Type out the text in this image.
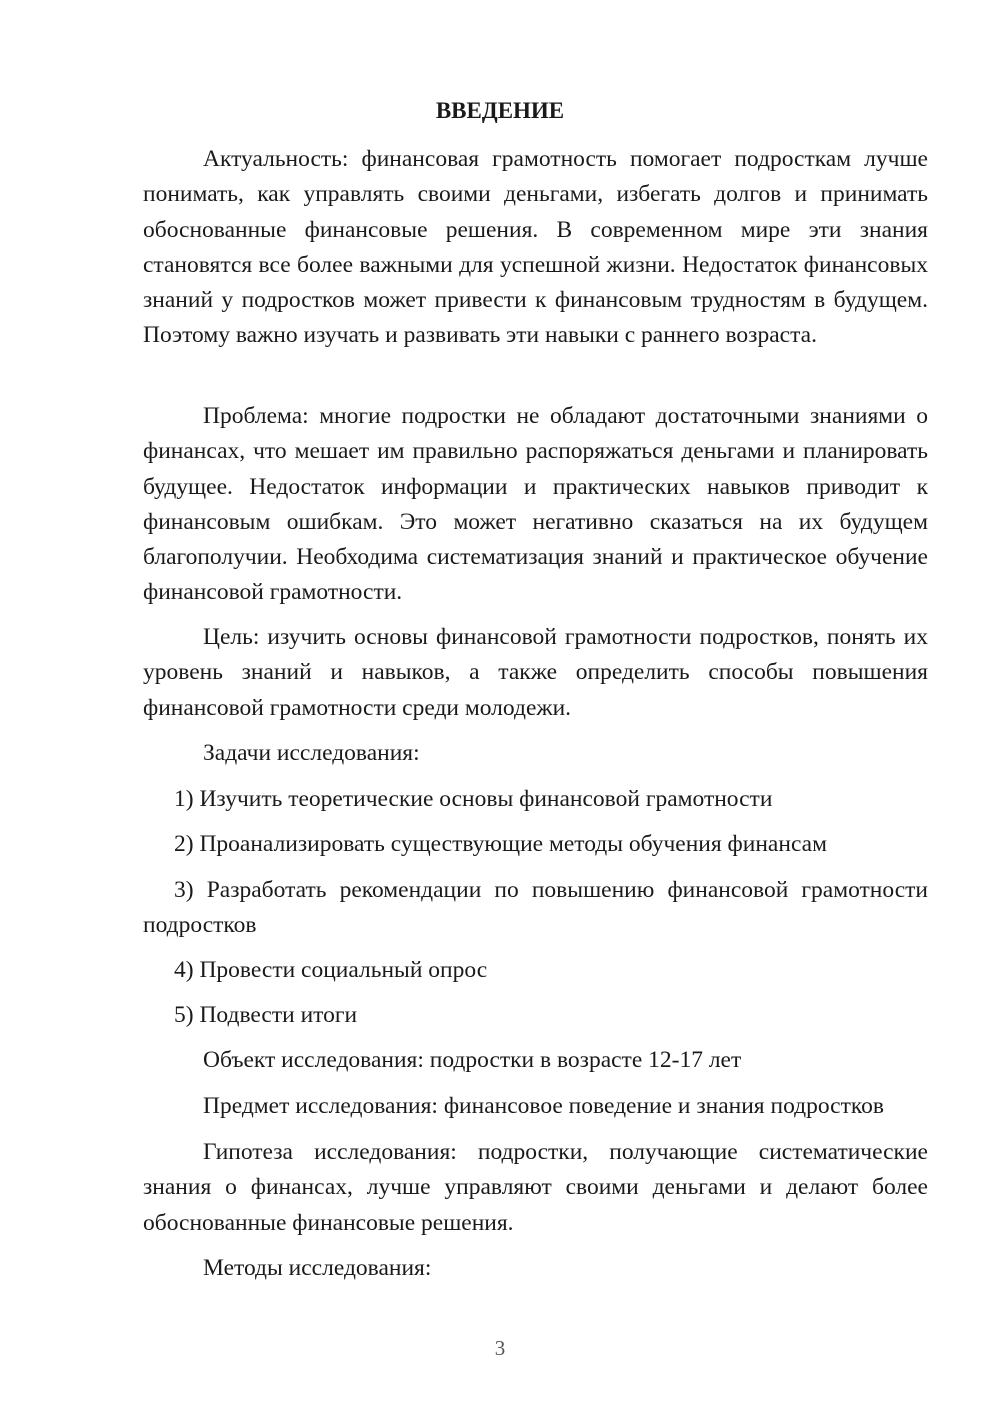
ВВЕДЕНИЕ

Актуальность: финансовая грамотность помогает подросткам лучше понимать, как управлять своими деньгами, избегать долгов и принимать обоснованные финансовые решения. В современном мире эти знания становятся все более важными для успешной жизни. Недостаток финансовых знаний у подростков может привести к финансовым трудностям в будущем. Поэтому важно изучать и развивать эти навыки с раннего возраста.

Проблема: многие подростки не обладают достаточными знаниями о финансах, что мешает им правильно распоряжаться деньгами и планировать будущее. Недостаток информации и практических навыков приводит к финансовым ошибкам. Это может негативно сказаться на их будущем благополучии. Необходима систематизация знаний и практическое обучение финансовой грамотности.

Цель: изучить основы финансовой грамотности подростков, понять их уровень знаний и навыков, а также определить способы повышения финансовой грамотности среди молодежи.

Задачи исследования:

1) Изучить теоретические основы финансовой грамотности

2) Проанализировать существующие методы обучения финансам

3) Разработать рекомендации по повышению финансовой грамотности подростков

4) Провести социальный опрос

5) Подвести итоги

Объект исследования: подростки в возрасте 12-17 лет

Предмет исследования: финансовое поведение и знания подростков

Гипотеза исследования: подростки, получающие систематические знания о финансах, лучше управляют своими деньгами и делают более обоснованные финансовые решения.

Методы исследования:

3
